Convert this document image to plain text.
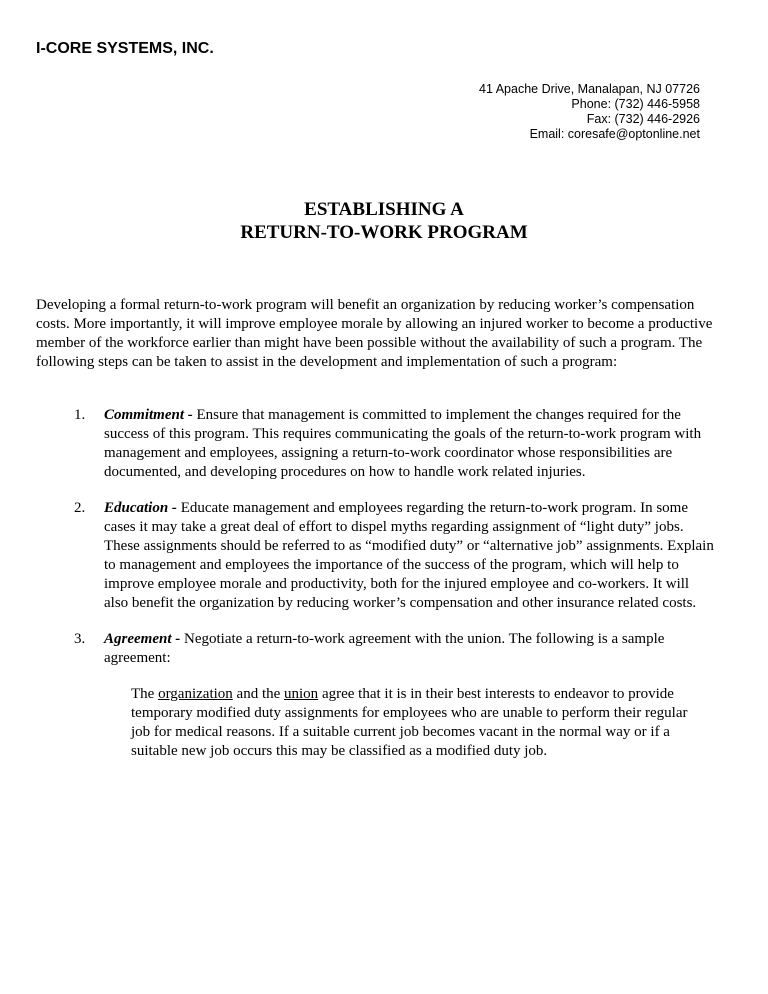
I-CORE SYSTEMS, INC.
41 Apache Drive, Manalapan, NJ 07726
Phone: (732) 446-5958
Fax: (732) 446-2926
Email: coresafe@optonline.net
ESTABLISHING A
RETURN-TO-WORK PROGRAM

Developing a formal return-to-work program will benefit an organization by reducing worker’s compensation costs. More importantly, it will improve employee morale by allowing an injured worker to become a productive member of the workforce earlier than might have been possible without the availability of such a program. The following steps can be taken to assist in the development and implementation of such a program:

1. Commitment - Ensure that management is committed to implement the changes required for the success of this program. This requires communicating the goals of the return-to-work program with management and employees, assigning a return-to-work coordinator whose responsibilities are documented, and developing procedures on how to handle work related injuries.
2. Education - Educate management and employees regarding the return-to-work program. In some cases it may take a great deal of effort to dispel myths regarding assignment of “light duty” jobs. These assignments should be referred to as “modified duty” or “alternative job” assignments. Explain to management and employees the importance of the success of the program, which will help to improve employee morale and productivity, both for the injured employee and co-workers. It will also benefit the organization by reducing worker’s compensation and other insurance related costs.
3. Agreement - Negotiate a return-to-work agreement with the union. The following is a sample agreement:
The organization and the union agree that it is in their best interests to endeavor to provide temporary modified duty assignments for employees who are unable to perform their regular job for medical reasons. If a suitable current job becomes vacant in the normal way or if a suitable new job occurs this may be classified as a modified duty job.
